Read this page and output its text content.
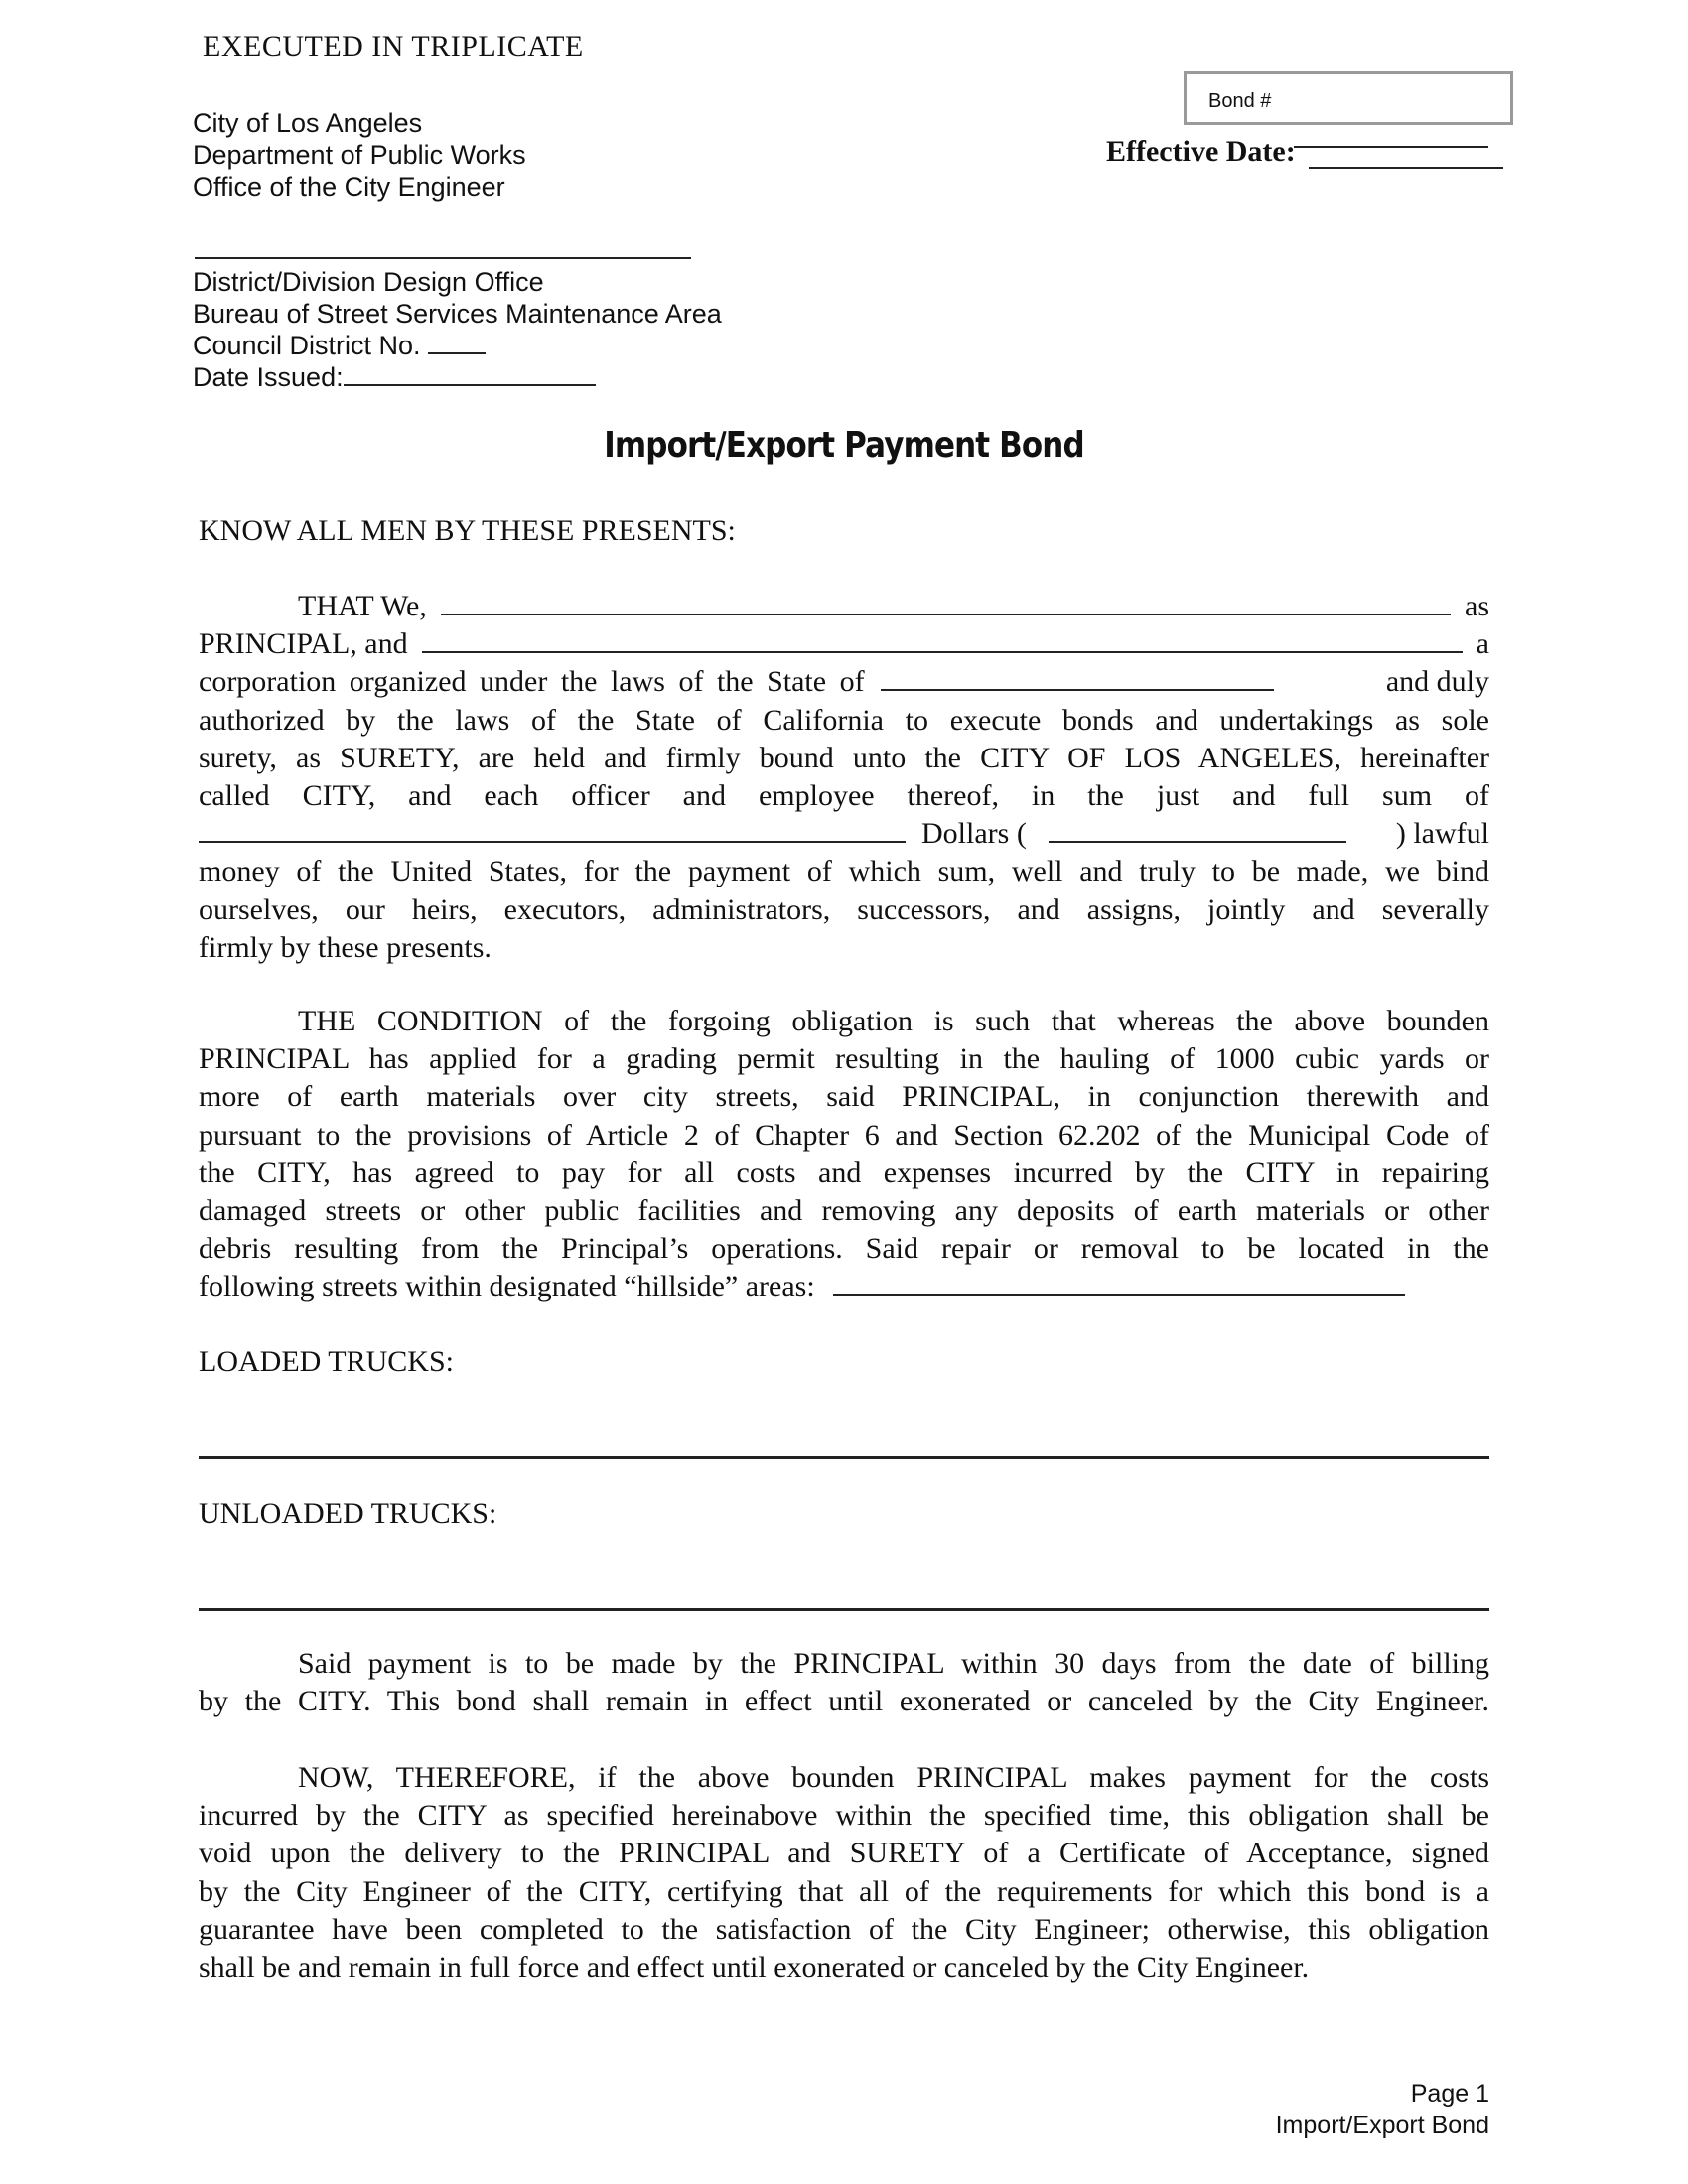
EXECUTED IN TRIPLICATE
City of Los Angeles
Department of Public Works
Office of the City Engineer
Bond #
Effective Date:
District/Division Design Office
Bureau of Street Services Maintenance Area
Council District No.
Date Issued:
Import/Export Payment Bond
KNOW ALL MEN BY THESE PRESENTS:
THAT We,	as
PRINCIPAL, and	a
corporation organized under the laws of the State of	and duly
authorized by the laws of the State of California to execute bonds and undertakings as sole
surety, as SURETY, are held and firmly bound unto the CITY OF LOS ANGELES, hereinafter
called CITY, and each officer and employee thereof, in the just and full sum of
Dollars (	) lawful
money of the United States, for the payment of which sum, well and truly to be made, we bind
ourselves, our heirs, executors, administrators, successors, and assigns, jointly and severally
firmly by these presents.
THE CONDITION of the forgoing obligation is such that whereas the above bounden
PRINCIPAL has applied for a grading permit resulting in the hauling of 1000 cubic yards or
more of earth materials over city streets, said PRINCIPAL, in conjunction therewith and
pursuant to the provisions of Article 2 of Chapter 6 and Section 62.202 of the Municipal Code of
the CITY, has agreed to pay for all costs and expenses incurred by the CITY in repairing
damaged streets or other public facilities and removing any deposits of earth materials or other
debris resulting from the Principal’s operations. Said repair or removal to be located in the
following streets within designated “hillside” areas:
LOADED TRUCKS:
UNLOADED TRUCKS:
Said payment is to be made by the PRINCIPAL within 30 days from the date of billing
by the CITY. This bond shall remain in effect until exonerated or canceled by the City Engineer.
NOW, THEREFORE, if the above bounden PRINCIPAL makes payment for the costs
incurred by the CITY as specified hereinabove within the specified time, this obligation shall be
void upon the delivery to the PRINCIPAL and SURETY of a Certificate of Acceptance, signed
by the City Engineer of the CITY, certifying that all of the requirements for which this bond is a
guarantee have been completed to the satisfaction of the City Engineer; otherwise, this obligation
shall be and remain in full force and effect until exonerated or canceled by the City Engineer.
Page 1
Import/Export Bond
